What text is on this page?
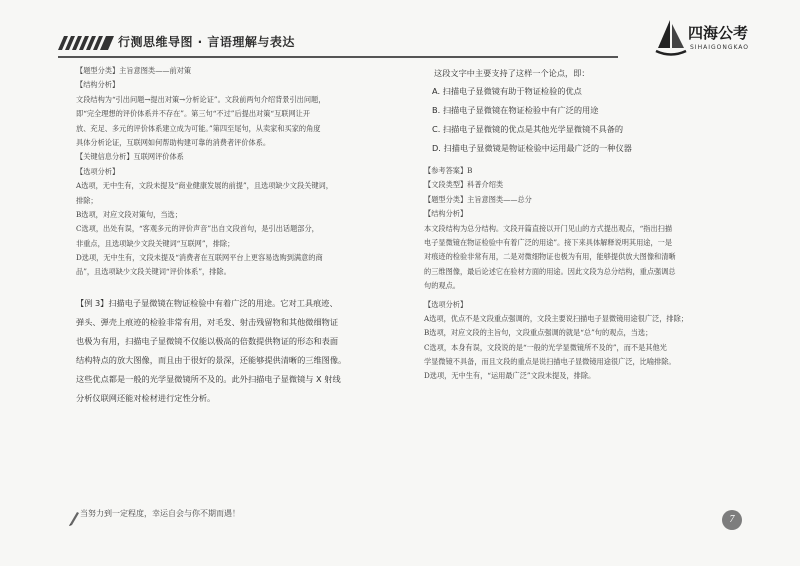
行测思维导图 · 言语理解与表达	四海公考
SIHAIGONGKAO
【题型分类】主旨意图类——前对策
【结构分析】
文段结构为“引出问题→提出对策→分析论证”。文段前两句介绍背景引出问题，
即“完全理想的评价体系并不存在”。第三句“不过”后提出对策“互联网让开
放、充足、多元的评价体系建立成为可能。”第四至尾句，从卖家和买家的角度
具体分析论证，互联网如何帮助构建可靠的消费者评价体系。
【关键信息分析】互联网评价体系
【选项分析】
A选项，无中生有，文段未提及“商业健康发展的前提”，且选项缺少文段关键词，
排除；
B选项，对应文段对策句，当选；
C选项，出处有误，“客观多元的评价声音”出自文段首句，是引出话题部分，
非重点，且选项缺少文段关键词“互联网”，排除；
D选项，无中生有，文段未提及“消费者在互联网平台上更容易选购到满意的商
品”，且选项缺少文段关键词“评价体系”，排除。
【例 3】扫描电子显微镜在物证检验中有着广泛的用途。它对工具痕迹、
弹头、弹壳上痕迹的检验非常有用，对毛发、射击残留物和其他微细物证
也极为有用，扫描电子显微镜不仅能以极高的倍数提供物证的形态和表面
结构特点的放大图像，而且由于很好的景深，还能够提供清晰的三维图像。
这些优点都是一般的光学显微镜所不及的。此外扫描电子显微镜与 X 射线
分析仪联网还能对检材进行定性分析。
这段文字中主要支持了这样一个论点，即：
A. 扫描电子显微镜有助于物证检验的优点
B. 扫描电子显微镜在物证检验中有广泛的用途
C. 扫描电子显微镜的优点是其他光学显微镜不具备的
D. 扫描电子显微镜是物证检验中运用最广泛的一种仪器
【参考答案】B
【文段类型】科普介绍类
【题型分类】主旨意图类——总分
【结构分析】
本文段结构为总分结构。文段开篇直接以开门见山的方式提出观点，“指出扫描
电子显微镜在物证检验中有着广泛的用途”。接下来具体解释说明其用途，一是
对痕迹的检验非常有用，二是对微细物证也极为有用，能够提供放大图像和清晰
的三维图像，最后论述它在验材方面的用途。因此文段为总分结构，重点强调总
句的观点。
【选项分析】
A选项，优点不是文段重点强调的，文段主要说扫描电子显微镜用途很广泛，排除；
B选项，对应文段的主旨句，文段重点强调的就是“总”句的观点，当选；
C选项，本身有误，文段说的是“一般的光学显微镜所不及的”，而不是其他光
学显微镜不具备，而且文段的重点是说扫描电子显微镜用途很广泛，比喻排除。
D选项，无中生有，“运用最广泛”文段未提及，排除。
当努力到一定程度，幸运自会与你不期而遇！
7
